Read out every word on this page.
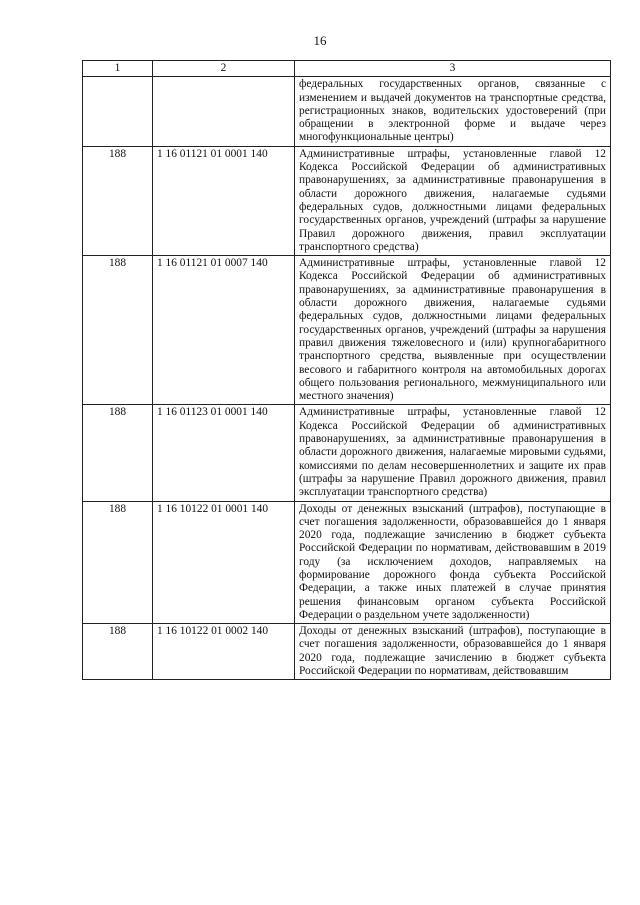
16
1	2	3
		федеральных государственных органов, связанные с изменением и выдачей документов на транспортные средства, регистрационных знаков, водительских удостоверений (при обращении в электронной форме и выдаче через многофункциональные центры)
188	1 16 01121 01 0001 140	Административные штрафы, установленные главой 12 Кодекса Российской Федерации об административных правонарушениях, за административные правонарушения в области дорожного движения, налагаемые судьями федеральных судов, должностными лицами федеральных государственных органов, учреждений (штрафы за нарушение Правил дорожного движения, правил эксплуатации транспортного средства)
188	1 16 01121 01 0007 140	Административные штрафы, установленные главой 12 Кодекса Российской Федерации об административных правонарушениях, за административные правонарушения в области дорожного движения, налагаемые судьями федеральных судов, должностными лицами федеральных государственных органов, учреждений (штрафы за нарушения правил движения тяжеловесного и (или) крупногабаритного транспортного средства, выявленные при осуществлении весового и габаритного контроля на автомобильных дорогах общего пользования регионального, межмуниципального или местного значения)
188	1 16 01123 01 0001 140	Административные штрафы, установленные главой 12 Кодекса Российской Федерации об административных правонарушениях, за административные правонарушения в области дорожного движения, налагаемые мировыми судьями, комиссиями по делам несовершеннолетних и защите их прав (штрафы за нарушение Правил дорожного движения, правил эксплуатации транспортного средства)
188	1 16 10122 01 0001 140	Доходы от денежных взысканий (штрафов), поступающие в счет погашения задолженности, образовавшейся до 1 января 2020 года, подлежащие зачислению в бюджет субъекта Российской Федерации по нормативам, действовавшим в 2019 году (за исключением доходов, направляемых на формирование дорожного фонда субъекта Российской Федерации, а также иных платежей в случае принятия решения финансовым органом субъекта Российской Федерации о раздельном учете задолженности)
188	1 16 10122 01 0002 140	Доходы от денежных взысканий (штрафов), поступающие в счет погашения задолженности, образовавшейся до 1 января 2020 года, подлежащие зачислению в бюджет субъекта Российской Федерации по нормативам, действовавшим
